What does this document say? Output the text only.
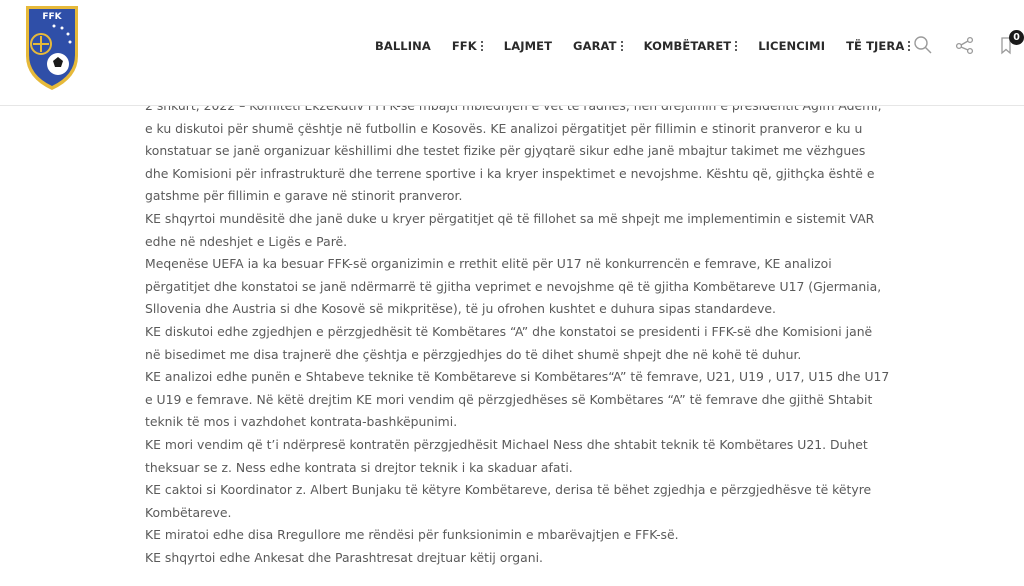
FFK
BALLINA FFK LAJMET GARAT KOMBËTARET LICENCIMI TË TJERA
0

e ku diskutoi për shumë çështje në futbollin e Kosovës. KE analizoi përgatitjet për fillimin e stinorit pranveror e ku u konstatuar se janë organizuar këshillimi dhe testet fizike për gjyqtarë sikur edhe janë mbajtur takimet me vëzhgues dhe Komisioni për infrastrukturë dhe terrene sportive i ka kryer inspektimet e nevojshme. Kështu që, gjithçka është e gatshme për fillimin e garave në stinorit pranveror.

KE shqyrtoi mundësitë dhe janë duke u kryer përgatitjet që të fillohet sa më shpejt me implementimin e sistemit VAR edhe në ndeshjet e Ligës e Parë.

Meqenëse UEFA ia ka besuar FFK-së organizimin e rrethit elitë për U17 në konkurrencën e femrave, KE analizoi përgatitjet dhe konstatoi se janë ndërmarrë të gjitha veprimet e nevojshme që të gjitha Kombëtareve U17 (Gjermania, Sllovenia dhe Austria si dhe Kosovë së mikpritëse), të ju ofrohen kushtet e duhura sipas standardeve.

KE diskutoi edhe zgjedhjen e përzgjedhësit të Kombëtares “A” dhe konstatoi se presidenti i FFK-së dhe Komisioni janë në bisedimet me disa trajnerë dhe çështja e përzgjedhjes do të dihet shumë shpejt dhe në kohë të duhur.

KE analizoi edhe punën e Shtabeve teknike të Kombëtareve si Kombëtares“A” të femrave, U21, U19 , U17, U15 dhe U17 e U19 e femrave. Në këtë drejtim KE mori vendim që përzgjedhëses së Kombëtares “A” të femrave dhe gjithë Shtabit teknik të mos i vazhdohet kontrata-bashkëpunimi.

KE mori vendim që t’i ndërpresë kontratën përzgjedhësit Michael Ness dhe shtabit teknik të Kombëtares U21. Duhet theksuar se z. Ness edhe kontrata si drejtor teknik i ka skaduar afati.

KE caktoi si Koordinator z. Albert Bunjaku të këtyre Kombëtareve, derisa të bëhet zgjedhja e përzgjedhësve të këtyre Kombëtareve.

KE miratoi edhe disa Rregullore me rëndësi për funksionimin e mbarëvajtjen e FFK-së.

KE shqyrtoi edhe Ankesat dhe Parashtresat drejtuar këtij organi.
